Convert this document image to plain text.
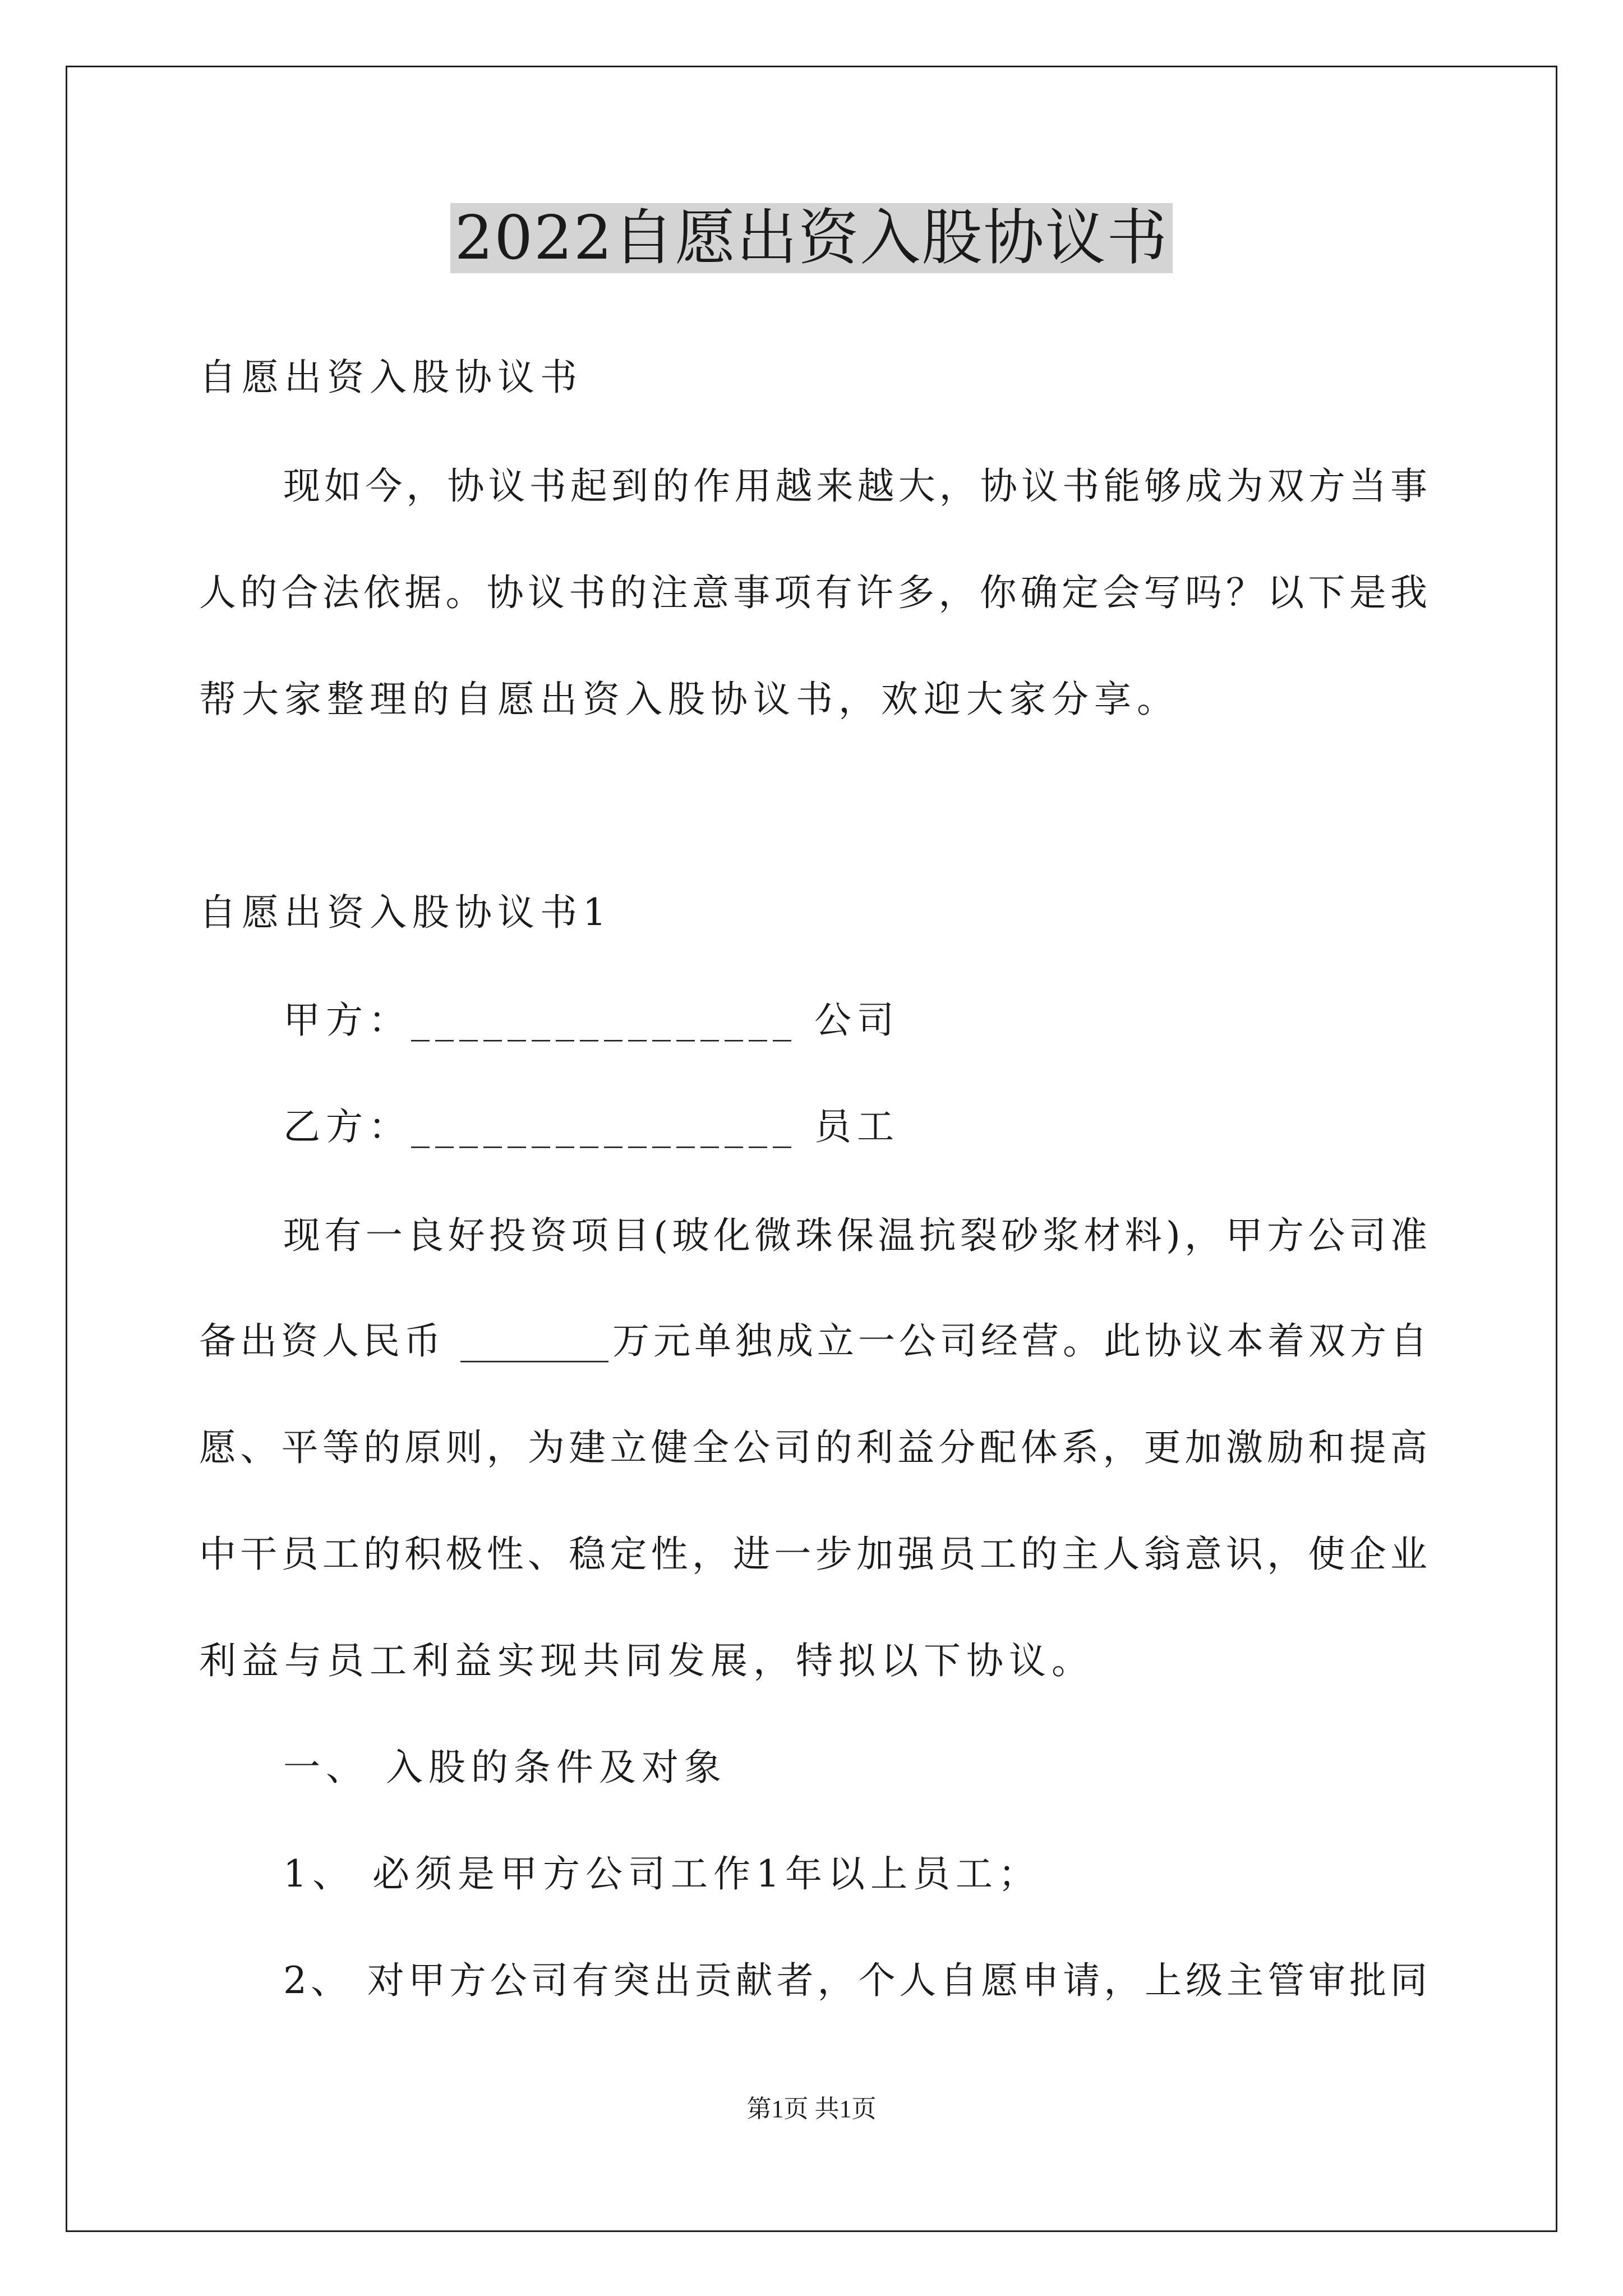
2022自愿出资入股协议书
自愿出资入股协议书
现如今，协议书起到的作用越来越大，协议书能够成为双方当事
人的合法依据。协议书的注意事项有许多，你确定会写吗？以下是我
帮大家整理的自愿出资入股协议书，欢迎大家分享。
自愿出资入股协议书1
甲方：________________ 公司
乙方：________________ 员工
现有一良好投资项目(玻化微珠保温抗裂砂浆材料)，甲方公司准
备出资人民币 ________万元单独成立一公司经营。此协议本着双方自
愿、平等的原则，为建立健全公司的利益分配体系，更加激励和提高
中干员工的积极性、稳定性，进一步加强员工的主人翁意识，使企业
利益与员工利益实现共同发展，特拟以下协议。
一、 入股的条件及对象
1、 必须是甲方公司工作1年以上员工；
2、 对甲方公司有突出贡献者，个人自愿申请，上级主管审批同
第1页 共1页
